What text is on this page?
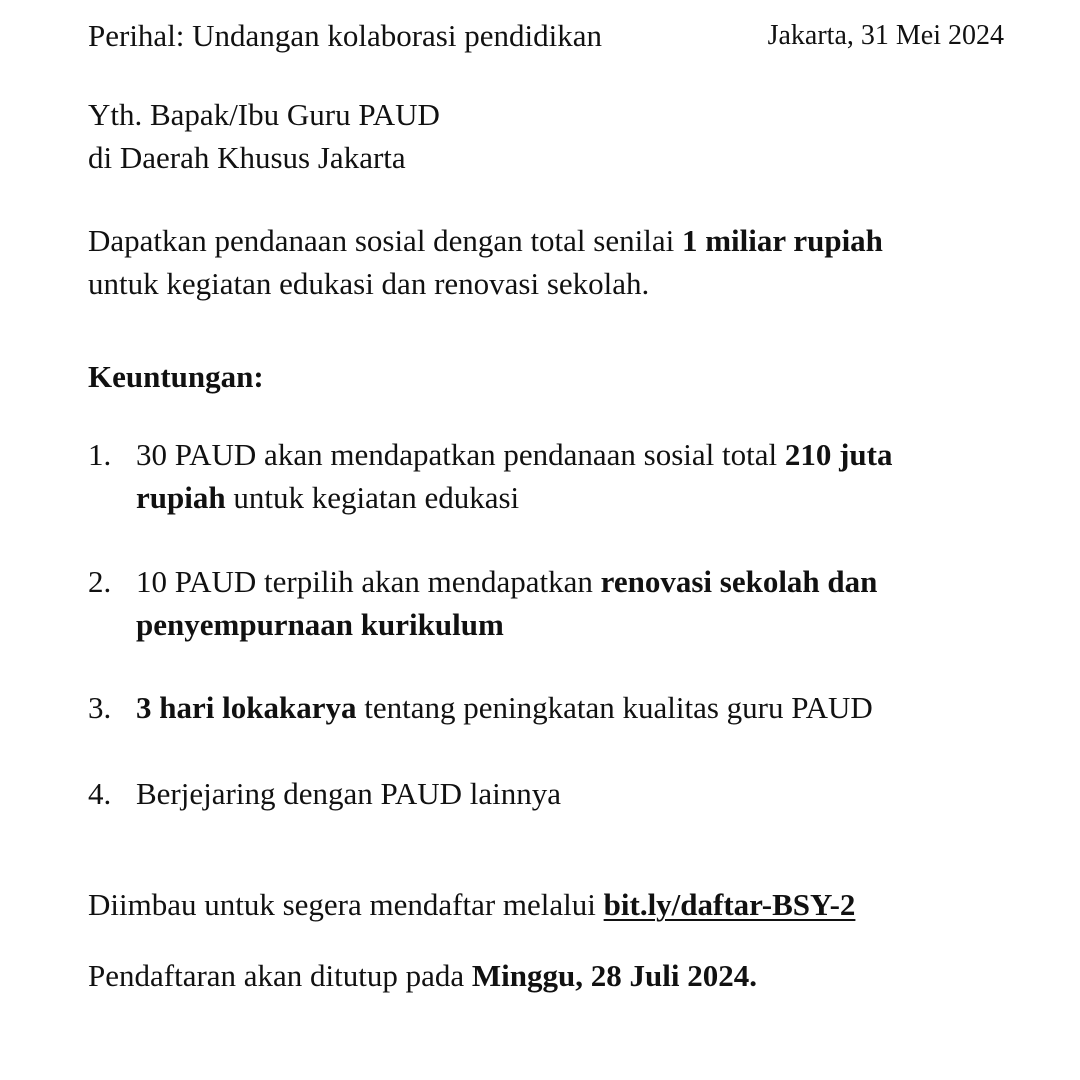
Perihal: Undangan kolaborasi pendidikan	Jakarta, 31 Mei 2024
Yth. Bapak/Ibu Guru PAUD
di Daerah Khusus Jakarta
Dapatkan pendanaan sosial dengan total senilai 1 miliar rupiah
untuk kegiatan edukasi dan renovasi sekolah.
Keuntungan:
1. 30 PAUD akan mendapatkan pendanaan sosial total 210 juta
rupiah untuk kegiatan edukasi
2. 10 PAUD terpilih akan mendapatkan renovasi sekolah dan
penyempurnaan kurikulum
3. 3 hari lokakarya tentang peningkatan kualitas guru PAUD
4. Berjejaring dengan PAUD lainnya
Diimbau untuk segera mendaftar melalui bit.ly/daftar-BSY-2
Pendaftaran akan ditutup pada Minggu, 28 Juli 2024.
